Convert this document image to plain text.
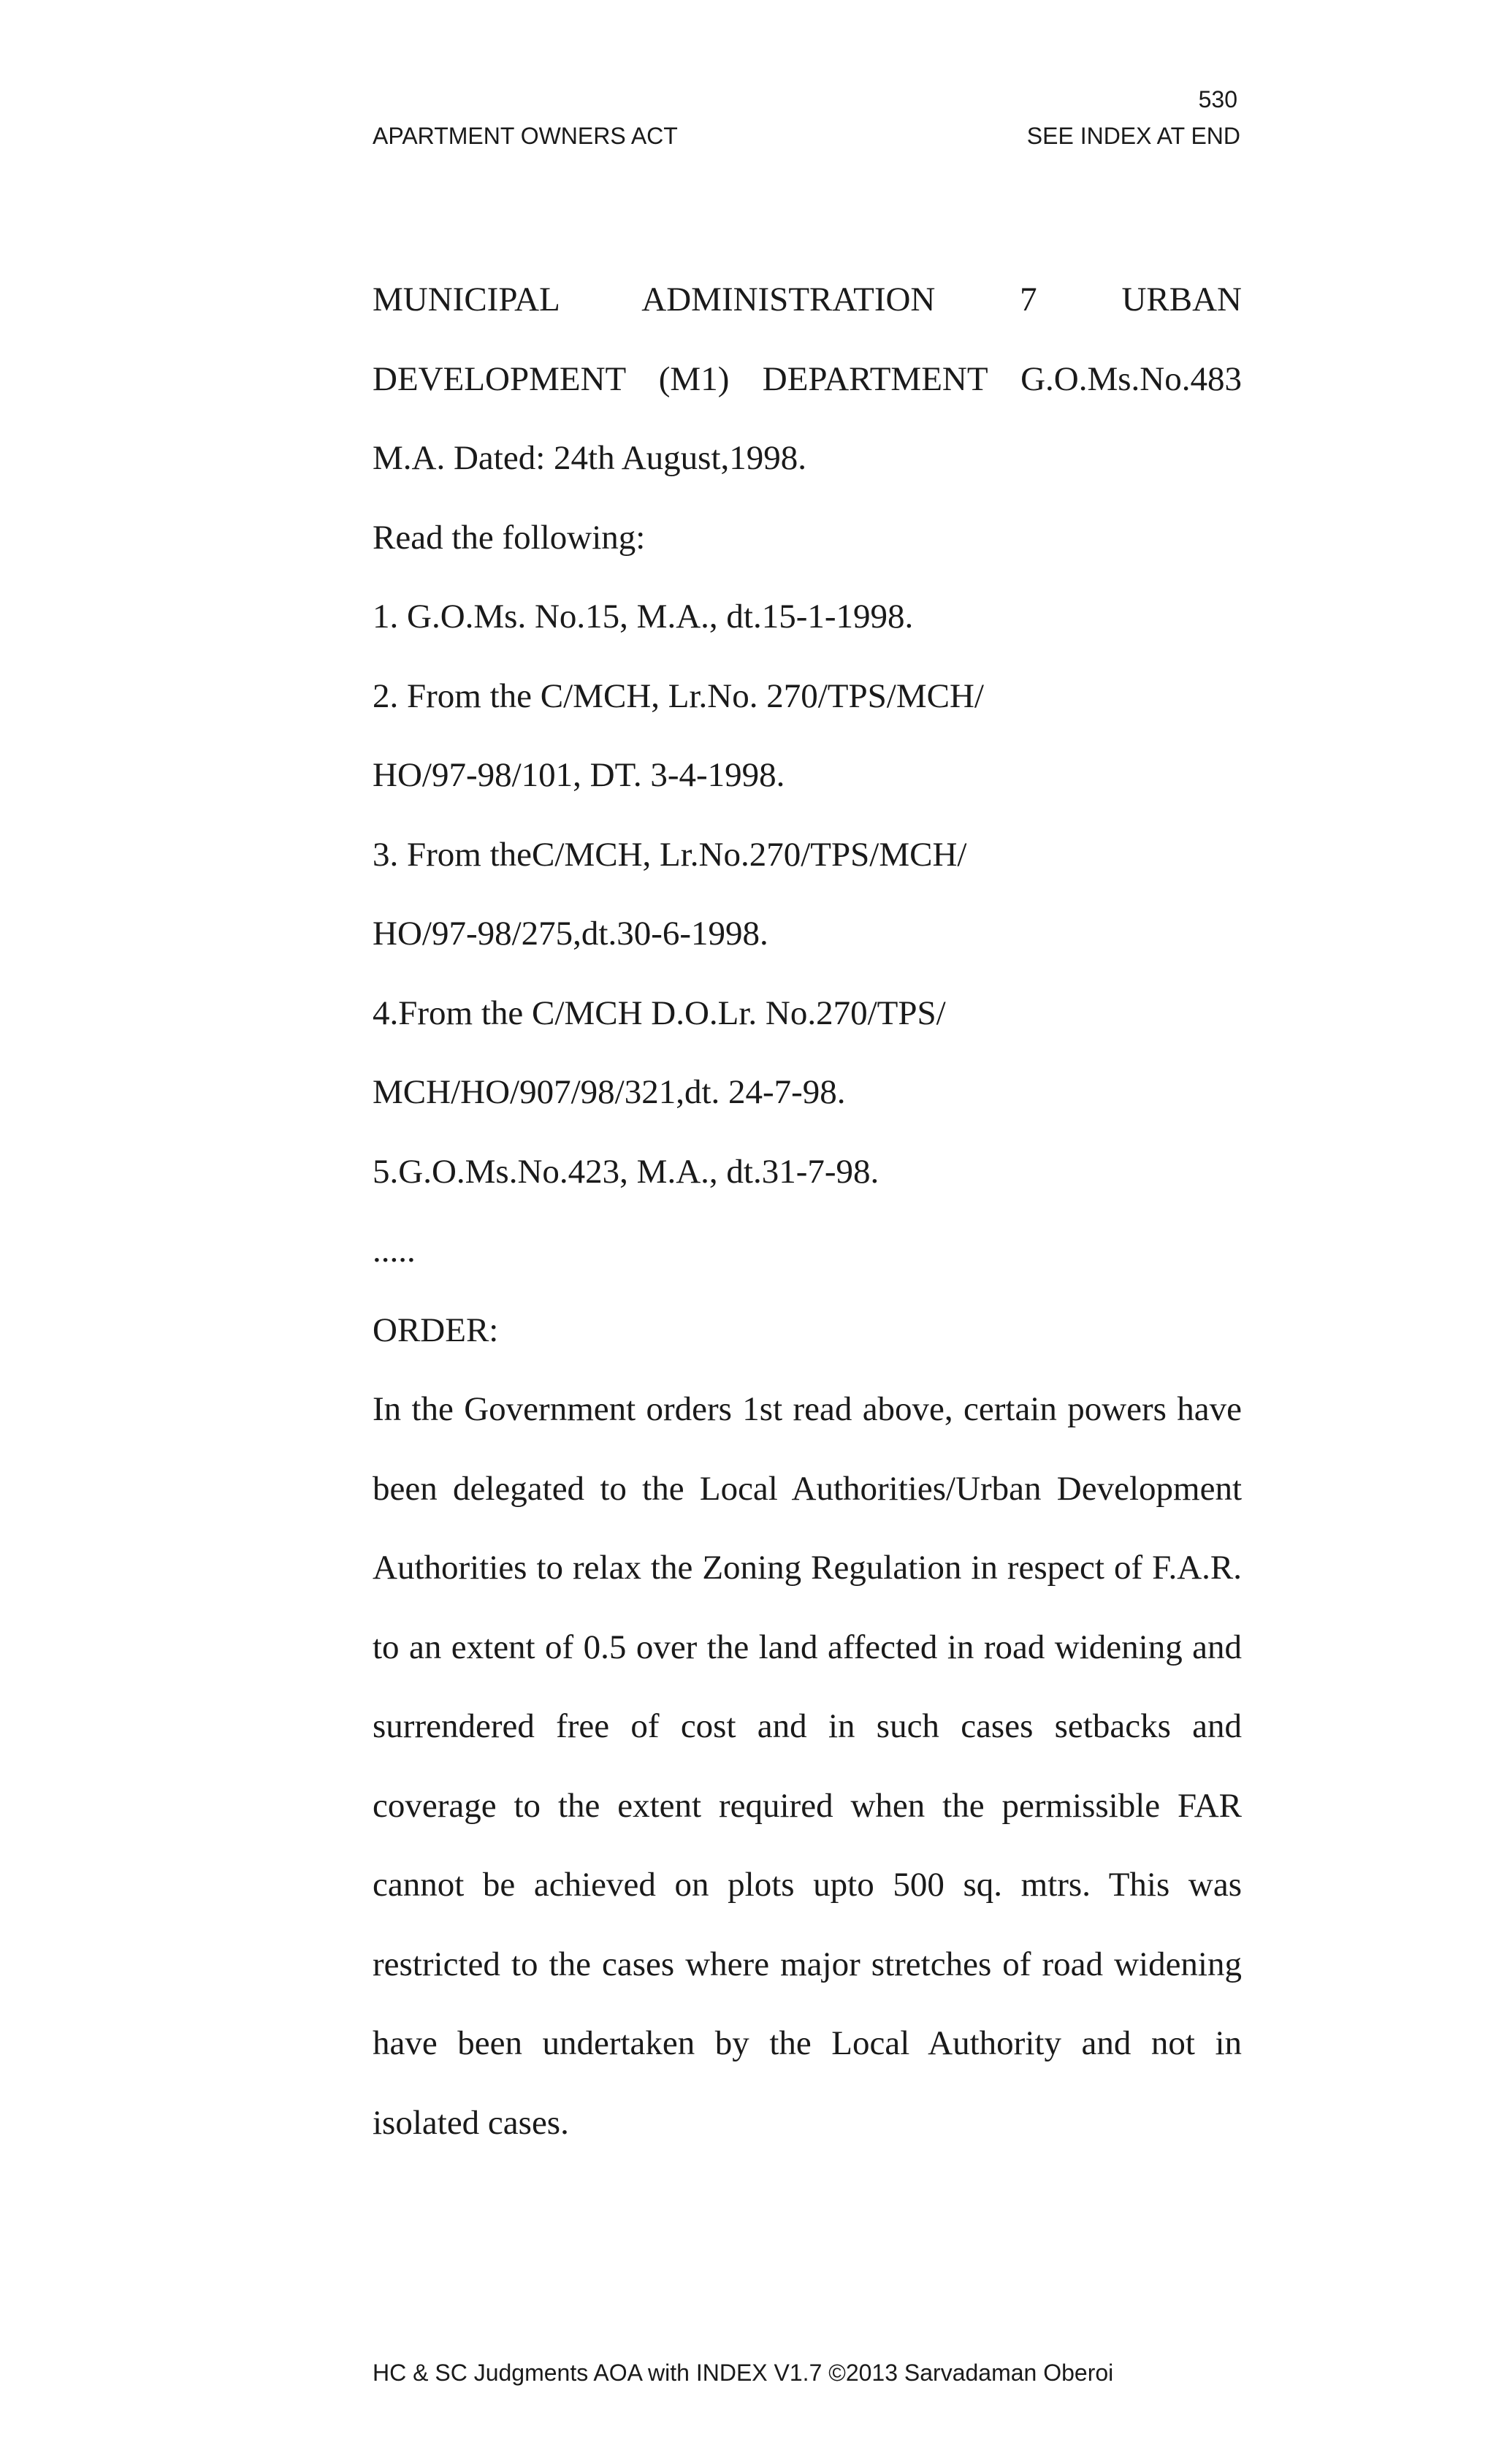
530
APARTMENT OWNERS ACT	SEE INDEX AT END

MUNICIPAL ADMINISTRATION 7 URBAN

DEVELOPMENT (M1) DEPARTMENT G.O.Ms.No.483

M.A. Dated: 24th August,1998.

Read the following:

1. G.O.Ms. No.15, M.A., dt.15-1-1998.

2. From the C/MCH, Lr.No. 270/TPS/MCH/

HO/97-98/101, DT. 3-4-1998.

3. From theC/MCH, Lr.No.270/TPS/MCH/

HO/97-98/275,dt.30-6-1998.

4.From the C/MCH D.O.Lr. No.270/TPS/

MCH/HO/907/98/321,dt. 24-7-98.

5.G.O.Ms.No.423, M.A., dt.31-7-98.

.....

ORDER:

In the Government orders 1st read above, certain powers have been delegated to the Local Authorities/Urban Development Authorities to relax the Zoning Regulation in respect of F.A.R. to an extent of 0.5 over the land affected in road widening and surrendered free of cost and in such cases setbacks and coverage to the extent required when the permissible FAR cannot be achieved on plots upto 500 sq. mtrs. This was restricted to the cases where major stretches of road widening have been undertaken by the Local Authority and not in isolated cases.

HC & SC Judgments AOA with INDEX V1.7 ©2013 Sarvadaman Oberoi
